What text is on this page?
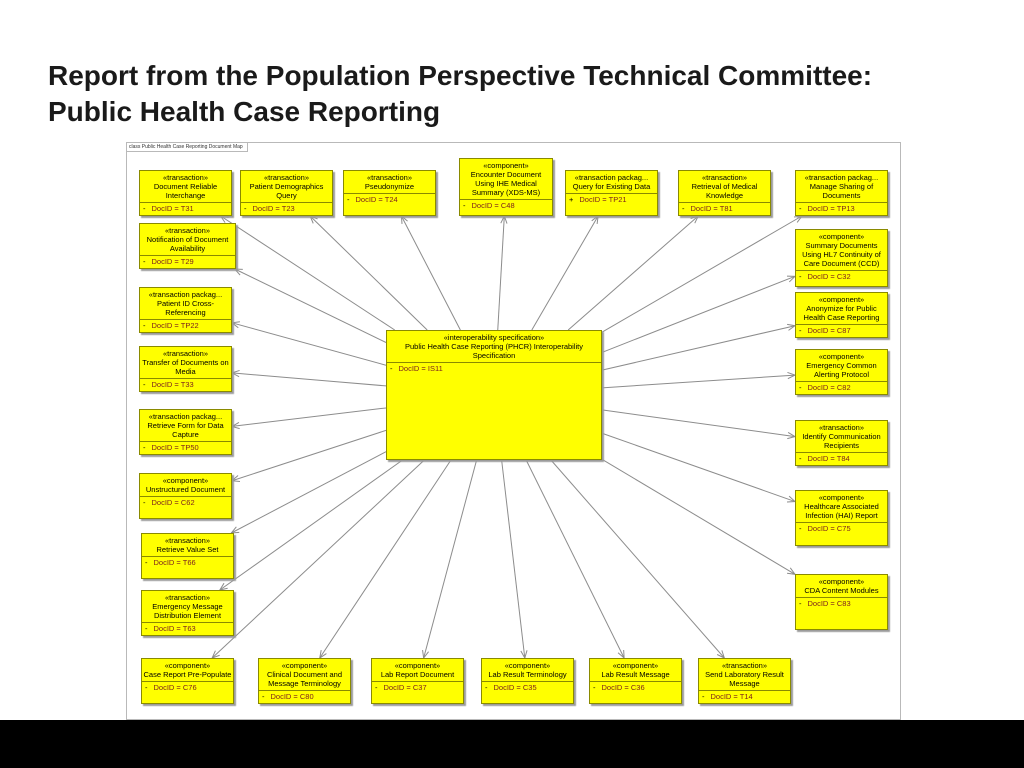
Report from the Population Perspective Technical Committee: Public Health Case Reporting
class Public Health Case Reporting Document Map
«interoperability specification»
Public Health Case Reporting (PHCR) Interoperability Specification
- DocID = IS11
«transaction»
Document Reliable Interchange
- DocID = T31
«transaction»
Patient Demographics Query
- DocID = T23
«transaction»
Pseudonymize
- DocID = T24
«component»
Encounter Document Using IHE Medical Summary (XDS-MS)
- DocID = C48
«transaction packag...
Query for Existing Data
+ DocID = TP21
«transaction»
Retrieval of Medical Knowledge
- DocID = T81
«transaction packag...
Manage Sharing of Documents
- DocID = TP13
«transaction»
Notification of Document Availability
- DocID = T29
«transaction packag...
Patient ID Cross-Referencing
- DocID = TP22
«transaction»
Transfer of Documents on Media
- DocID = T33
«transaction packag...
Retrieve Form for Data Capture
- DocID = TP50
«component»
Unstructured Document
- DocID = C62
«transaction»
Retrieve Value Set
- DocID = T66
«transaction»
Emergency Message Distribution Element
- DocID = T63
«component»
Summary Documents Using HL7 Continuity of Care Document (CCD)
- DocID = C32
«component»
Anonymize for Public Health Case Reporting
- DocID = C87
«component»
Emergency Common Alerting Protocol
- DocID = C82
«transaction»
Identify Communication Recipients
- DocID = T84
«component»
Healthcare Associated Infection (HAI) Report
- DocID = C75
«component»
CDA Content Modules
- DocID = C83
«component»
Case Report Pre-Populate
- DocID = C76
«component»
Clinical Document and Message Terminology
- DocID = C80
«component»
Lab Report Document
- DocID = C37
«component»
Lab Result Terminology
- DocID = C35
«component»
Lab Result Message
- DocID = C36
«transaction»
Send Laboratory Result Message
- DocID = T14
